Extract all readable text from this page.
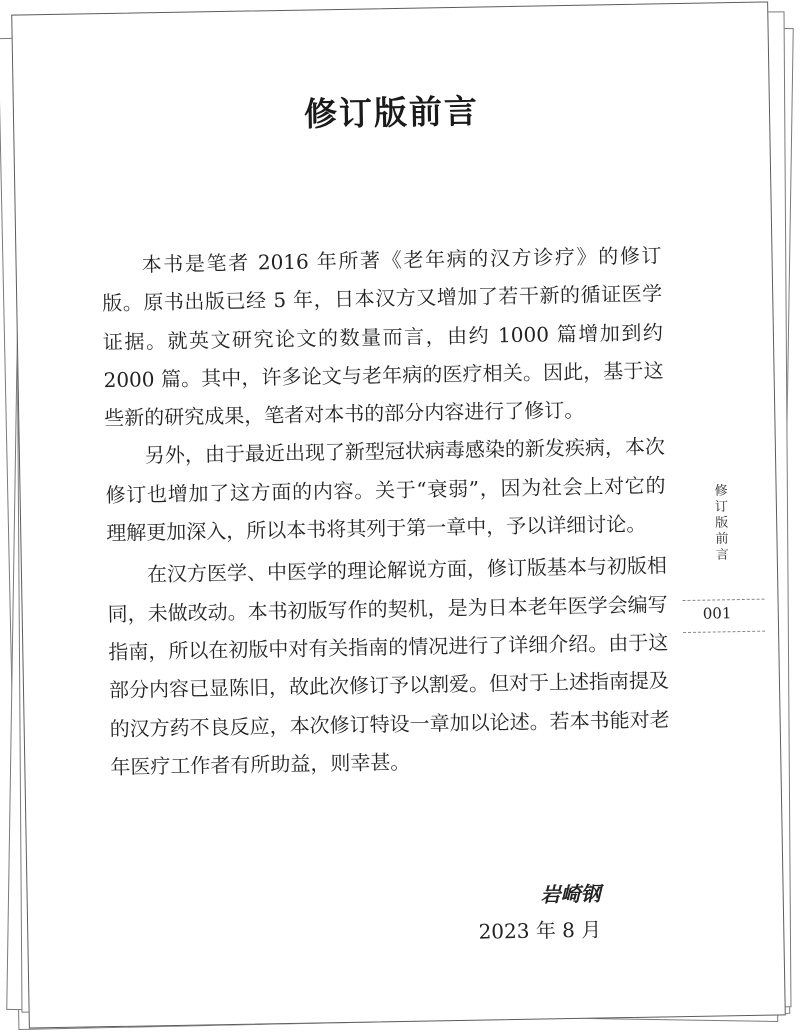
修订版前言

本书是笔者 2016 年所著《老年病的汉方诊疗》的修订版。原书出版已经 5 年，日本汉方又增加了若干新的循证医学证据。就英文研究论文的数量而言，由约 1000 篇增加到约 2000 篇。其中，许多论文与老年病的医疗相关。因此，基于这些新的研究成果，笔者对本书的部分内容进行了修订。

另外，由于最近出现了新型冠状病毒感染的新发疾病，本次修订也增加了这方面的内容。关于“衰弱”，因为社会上对它的理解更加深入，所以本书将其列于第一章中，予以详细讨论。

在汉方医学、中医学的理论解说方面，修订版基本与初版相同，未做改动。本书初版写作的契机，是为日本老年医学会编写指南，所以在初版中对有关指南的情况进行了详细介绍。由于这部分内容已显陈旧，故此次修订予以割爱。但对于上述指南提及的汉方药不良反应，本次修订特设一章加以论述。若本书能对老年医疗工作者有所助益，则幸甚。

岩崎钢
2023 年 8 月
修订版前言
001
